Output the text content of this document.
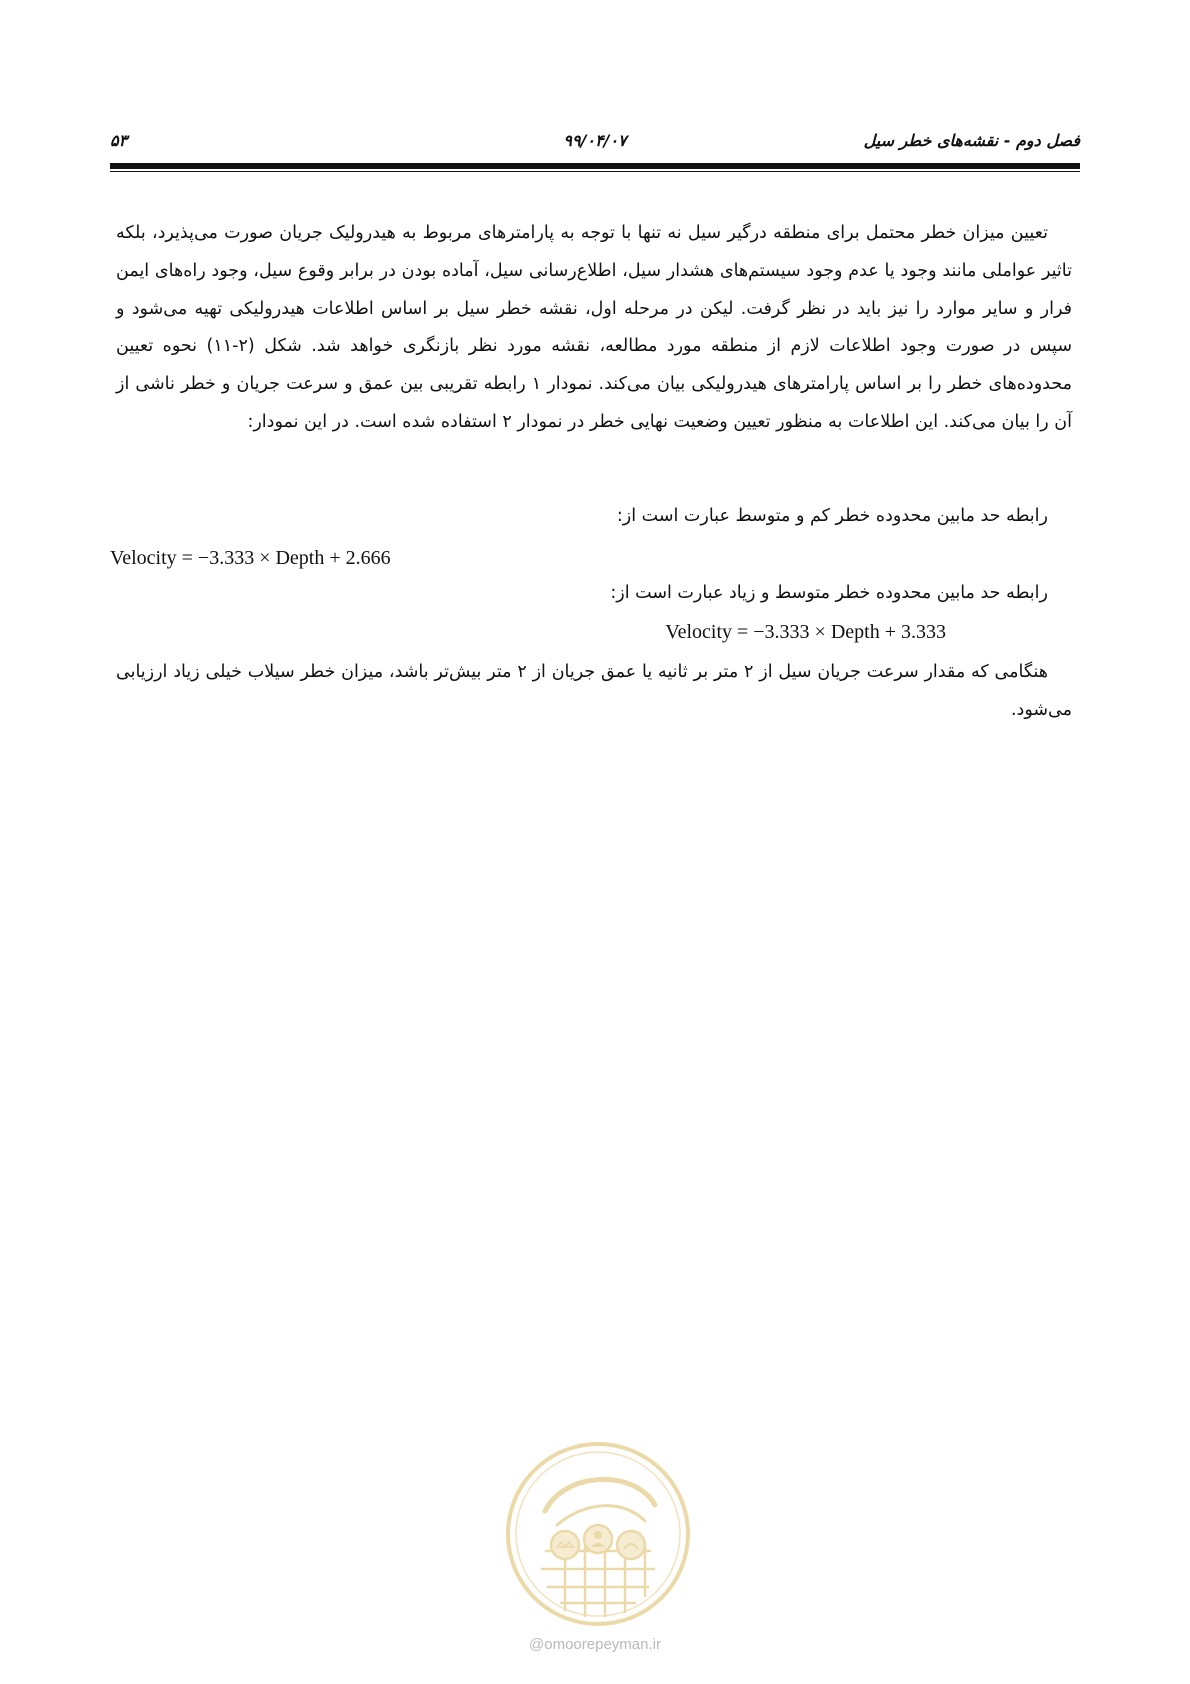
فصل دوم - نقشه‌های خطر سیل
۹۹/۰۴/۰۷
۵۳

تعیین میزان خطر محتمل برای منطقه درگیر سیل نه تنها با توجه به پارامترهای مربوط به هیدرولیک جریان صورت می‌پذیرد، بلکه تاثیر عواملی مانند وجود یا عدم وجود سیستم‌های هشدار سیل، اطلاع‌رسانی سیل، آماده بودن در برابر وقوع سیل، وجود راه‌های ایمن فرار و سایر موارد را نیز باید در نظر گرفت. لیکن در مرحله اول، نقشه خطر سیل بر اساس اطلاعات هیدرولیکی تهیه می‌شود و سپس در صورت وجود اطلاعات لازم از منطقه مورد مطالعه، نقشه مورد نظر بازنگری خواهد شد. شکل (۲-۱۱) نحوه تعیین محدوده‌های خطر را بر اساس پارامترهای هیدرولیکی بیان می‌کند. نمودار ۱ رابطه تقریبی بین عمق و سرعت جریان و خطر ناشی از آن را بیان می‌کند. این اطلاعات به منظور تعیین وضعیت نهایی خطر در نمودار ۲ استفاده شده است. در این نمودار:

رابطه حد مابین محدوده خطر کم و متوسط عبارت است از:
Velocity = −3.333 × Depth + 2.666
رابطه حد مابین محدوده خطر متوسط و زیاد عبارت است از:
Velocity = −3.333 × Depth + 3.333

هنگامی که مقدار سرعت جریان سیل از ۲ متر بر ثانیه یا عمق جریان از ۲ متر بیش‌تر باشد، میزان خطر سیلاب خیلی زیاد ارزیابی می‌شود.

@omoorepeyman.ir
